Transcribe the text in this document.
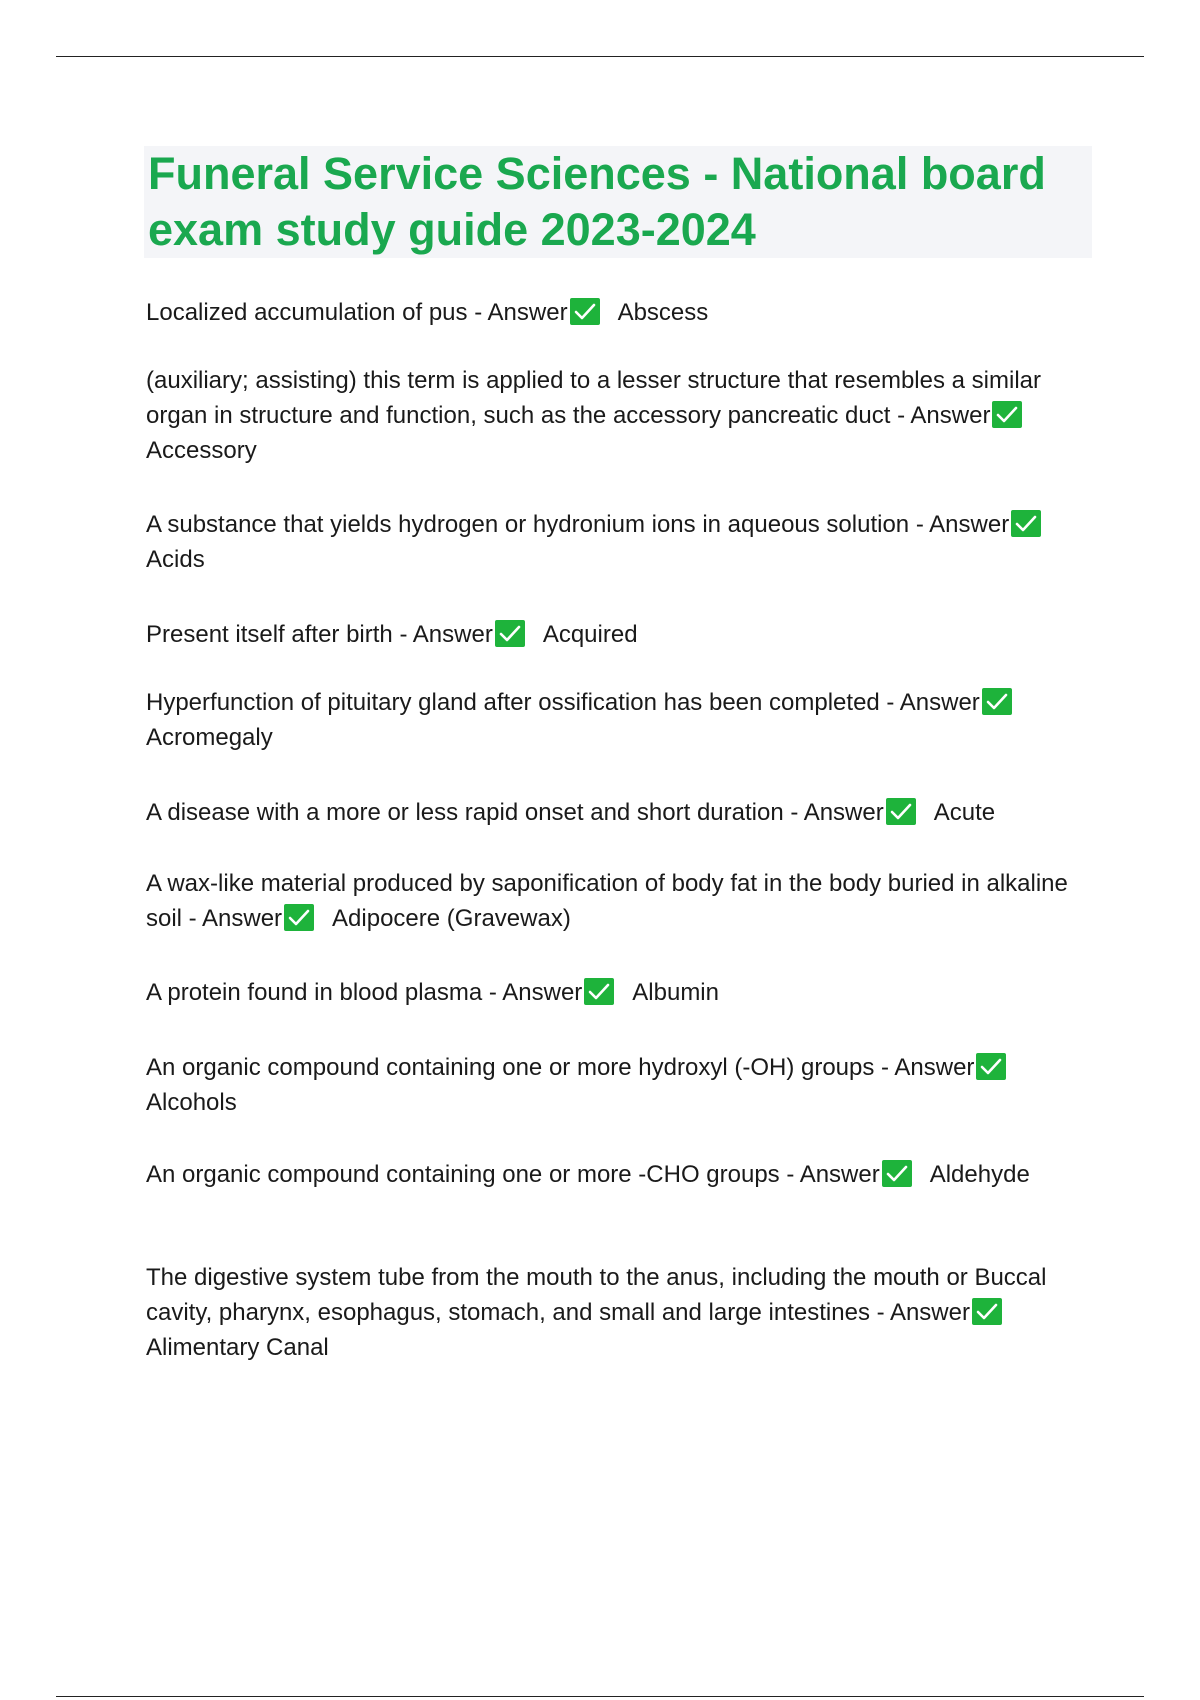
Funeral Service Sciences - National board exam study guide 2023-2024
Localized accumulation of pus - Answer Abscess
(auxiliary; assisting) this term is applied to a lesser structure that resembles a similar organ in structure and function, such as the accessory pancreatic duct - Answer
Accessory
A substance that yields hydrogen or hydronium ions in aqueous solution - Answer
Acids
Present itself after birth - Answer Acquired
Hyperfunction of pituitary gland after ossification has been completed - Answer
Acromegaly
A disease with a more or less rapid onset and short duration - Answer Acute
A wax-like material produced by saponification of body fat in the body buried in alkaline soil - Answer Adipocere (Gravewax)
A protein found in blood plasma - Answer Albumin
An organic compound containing one or more hydroxyl (-OH) groups - Answer
Alcohols
An organic compound containing one or more -CHO groups - Answer Aldehyde
The digestive system tube from the mouth to the anus, including the mouth or Buccal cavity, pharynx, esophagus, stomach, and small and large intestines - Answer
Alimentary Canal
